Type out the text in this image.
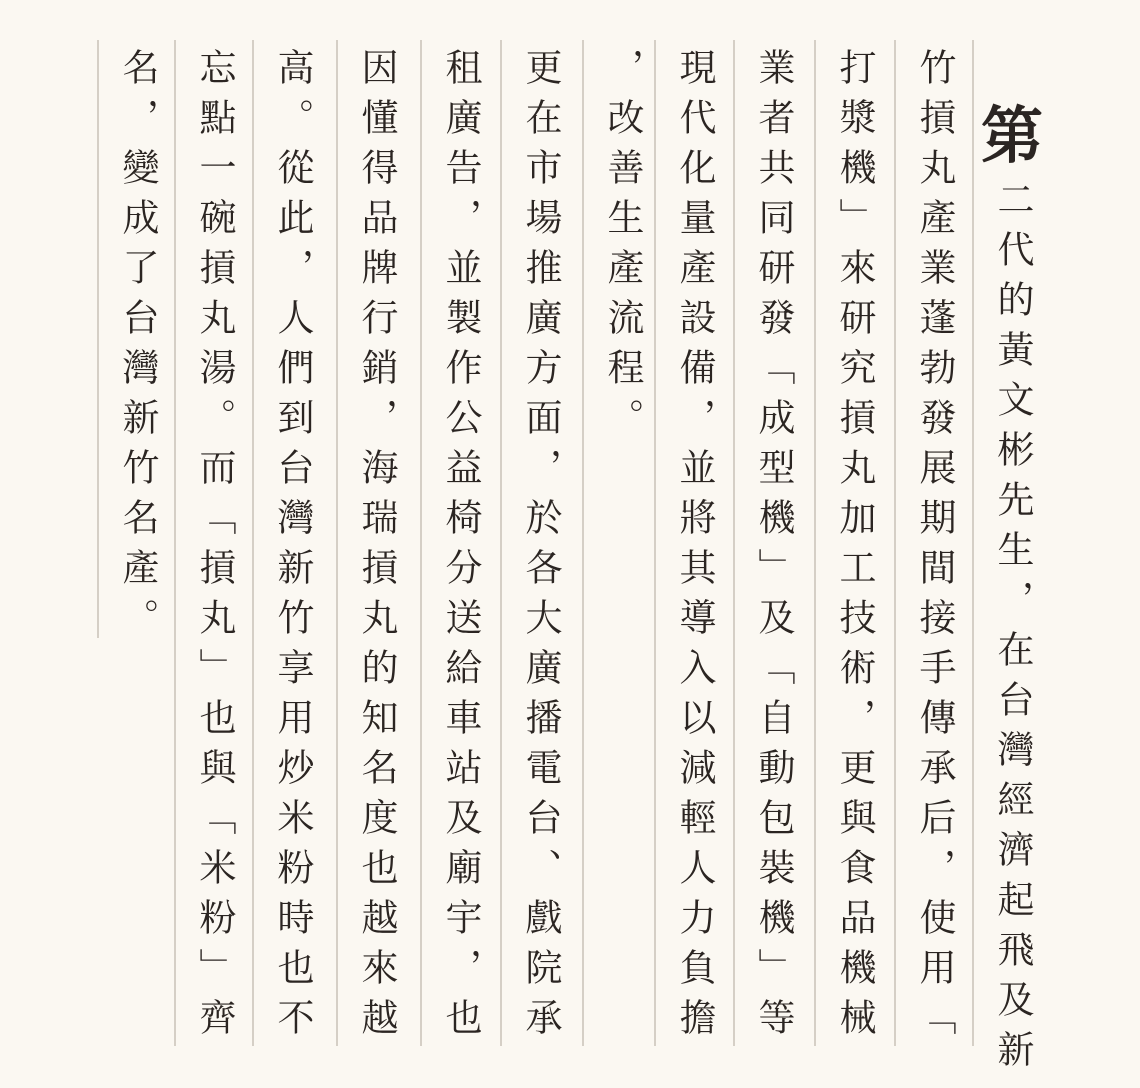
第
二代的黃文彬先生，在台灣經濟起飛及新
竹摃丸產業蓬勃發展期間接手傳承后，使用「
打漿機」來研究摃丸加工技術，更與食品機械
業者共同研發「成型機」及「自動包裝機」等
現代化量產設備，並將其導入以減輕人力負擔
，改善生產流程。
更在市場推廣方面，於各大廣播電台、戲院承
租廣告，並製作公益椅分送給車站及廟宇，也
因懂得品牌行銷，海瑞摃丸的知名度也越來越
高。從此，人們到台灣新竹享用炒米粉時也不
忘點一碗摃丸湯。而「摃丸」也與「米粉」齊
名，變成了台灣新竹名產。
